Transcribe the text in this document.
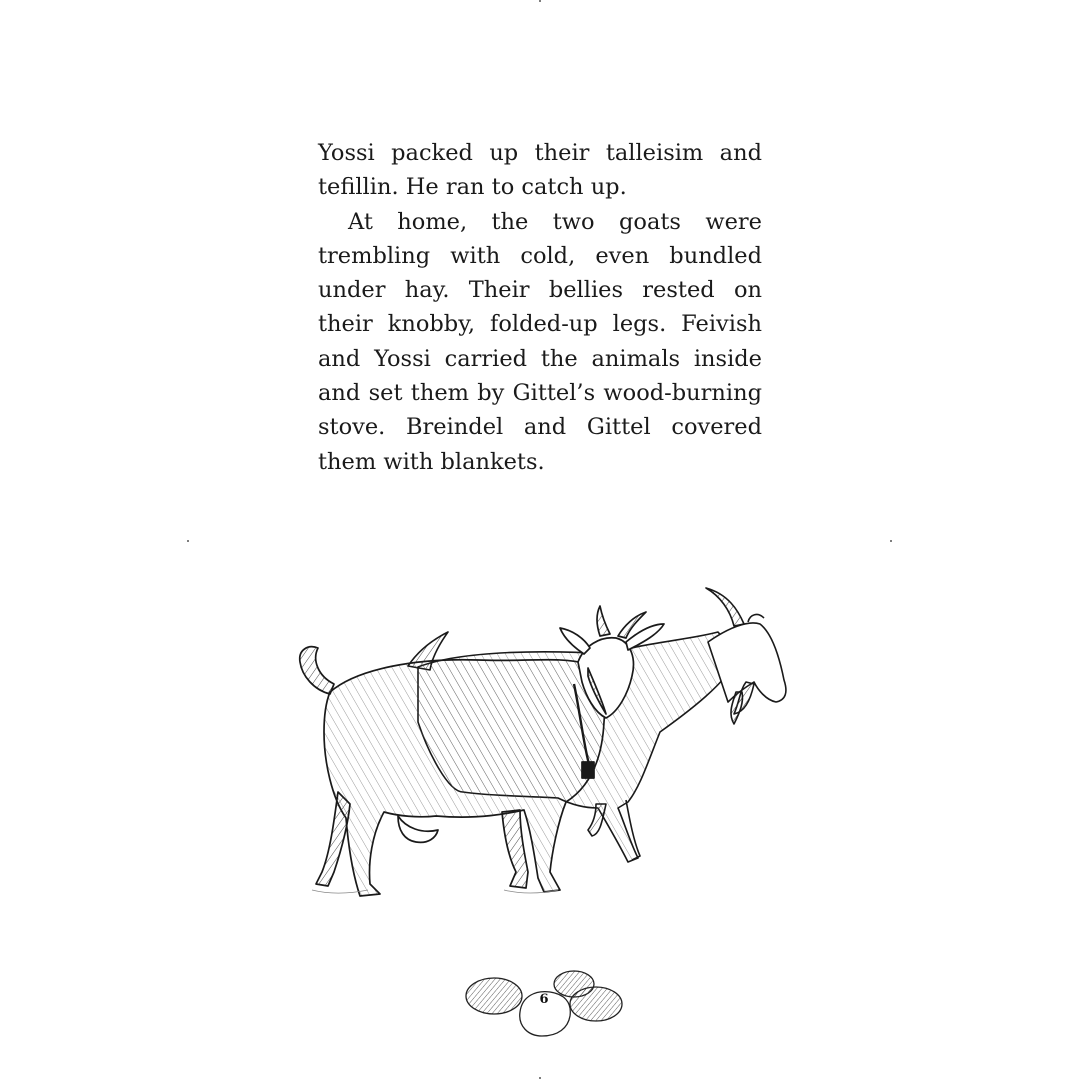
Yossi packed up their talleisim and tefillin. He ran to catch up.

At home, the two goats were trembling with cold, even bundled under hay. Their bellies rested on their knobby, folded-up legs. Feivish and Yossi carried the animals inside and set them by Gittel’s wood-burning stove. Breindel and Gittel covered them with blankets.

6
